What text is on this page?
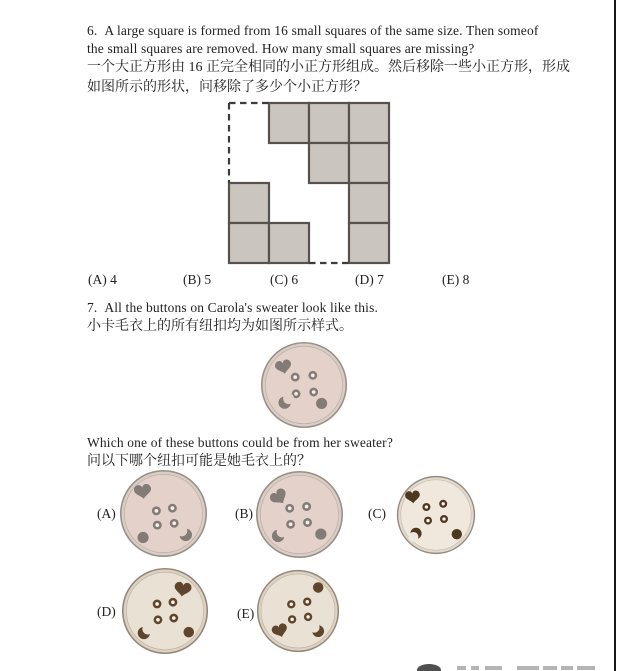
6. A large square is formed from 16 small squares of the same size. Then someof
the small squares are removed. How many small squares are missing?
一个大正方形由 16 正完全相同的小正方形组成。然后移除一些小正方形，形成
如图所示的形状，问移除了多少个小正方形？
(A) 4	(B) 5	(C) 6	(D) 7	(E) 8
7. All the buttons on Carola's sweater look like this.
小卡毛衣上的所有纽扣均为如图所示样式。
Which one of these buttons could be from her sweater?
问以下哪个纽扣可能是她毛衣上的？
(A)	(B)	(C)
(D)	(E)
